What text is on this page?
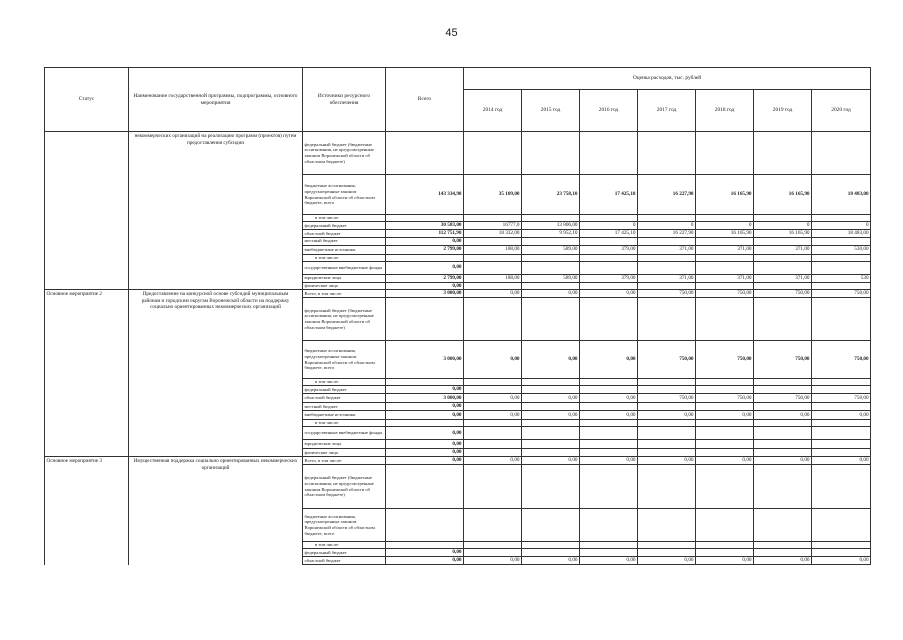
45
Статус	Наименование государственной программы, подпрограммы, основного мероприятия	Источники ресурсного обеспечения	Всего	Оценка расходов, тыс. рублей						
				2014 год	2015 год	2016 год	2017 год	2018 год	2019 год	2020 год
	некоммерческих организаций на реализацию программ (проектов) путем предоставления субсидии	федеральный бюджет (бюджетные ассигнования, не предусмотренные законом Воронежской области об областном бюджете)								
		бюджетные ассигнования, предусмотренные законом Воронежской области об областном бюджете, всего	143 334,90	35 109,00	23 758,10	17 425,10	16 227,90	16 165,90	16 165,90	18 483,00
		в том числе:								
		федеральный бюджет	30 583,00	16777,0	13 806,00	0	0	0	0	0
		областной бюджет	112 751,90	18 332,00	9 952,10	17 425,10	16 227,90	16 165,90	16 165,90	18 483,00
		местный бюджет	0,00							
		внебюджетные источники	2 799,00	188,00	589,00	379,00	371,00	371,00	371,00	530,00
		в том числе:								
		государственные внебюджетные фонды	0,00							
		юридические лица	2 799,00	188,00	589,00	379,00	371,00	371,00	371,00	530
		физические лица	0,00							
Основное мероприятие 2	Предоставление на конкурсной основе субсидий муниципальным районам и городским округам Воронежской области на поддержку социально ориентированных некоммерческих организаций	Всего, в том числе:	3 000,00	0,00	0,00	0,00	750,00	750,00	750,00	750,00
		федеральный бюджет (бюджетные ассигнования, не предусмотренные законом Воронежской области об областном бюджете)								
		бюджетные ассигнования, предусмотренные законом Воронежской области об областном бюджете, всего	3 000,00	0,00	0,00	0,00	750,00	750,00	750,00	750,00
		в том числе:								
		федеральный бюджет	0,00							
		областной бюджет	3 000,00	0,00	0,00	0,00	750,00	750,00	750,00	750,00
		местный бюджет	0,00							
		внебюджетные источники	0,00	0,00	0,00	0,00	0,00	0,00	0,00	0,00
		в том числе:								
		государственные внебюджетные фонды	0,00							
		юридические лица	0,00							
		физические лица	0,00							
Основное мероприятие 3	Имущественная поддержка социально ориентированных некоммерческих организаций	Всего, в том числе:	0,00	0,00	0,00	0,00	0,00	0,00	0,00	0,00
		федеральный бюджет (бюджетные ассигнования, не предусмотренные законом Воронежской области об областном бюджете)								
		бюджетные ассигнования, предусмотренные законом Воронежской области об областном бюджете, всего								
		в том числе:								
		федеральный бюджет	0,00							
		областной бюджет	0,00	0,00	0,00	0,00	0,00	0,00	0,00	0,00
